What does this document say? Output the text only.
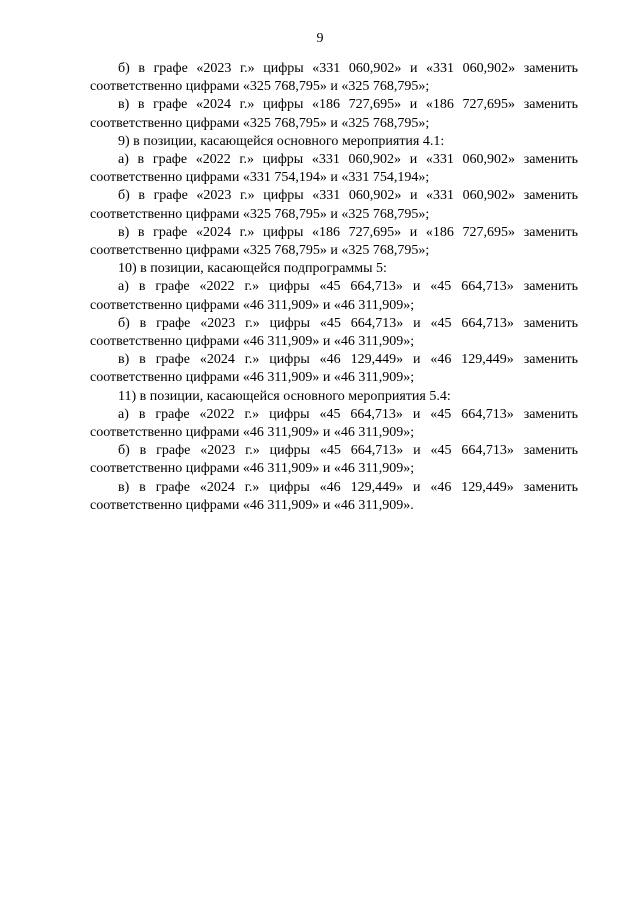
9

б) в графе «2023 г.» цифры «331 060,902» и «331 060,902» заменить соответственно цифрами «325 768,795» и «325 768,795»;

в) в графе «2024 г.» цифры «186 727,695» и «186 727,695» заменить соответственно цифрами «325 768,795» и «325 768,795»;

9) в позиции, касающейся основного мероприятия 4.1:

а) в графе «2022 г.» цифры «331 060,902» и «331 060,902» заменить соответственно цифрами «331 754,194» и «331 754,194»;

б) в графе «2023 г.» цифры «331 060,902» и «331 060,902» заменить соответственно цифрами «325 768,795» и «325 768,795»;

в) в графе «2024 г.» цифры «186 727,695» и «186 727,695» заменить соответственно цифрами «325 768,795» и «325 768,795»;

10) в позиции, касающейся подпрограммы 5:

а) в графе «2022 г.» цифры «45 664,713» и «45 664,713» заменить соответственно цифрами «46 311,909» и «46 311,909»;

б) в графе «2023 г.» цифры «45 664,713» и «45 664,713» заменить соответственно цифрами «46 311,909» и «46 311,909»;

в) в графе «2024 г.» цифры «46 129,449» и «46 129,449» заменить соответственно цифрами «46 311,909» и «46 311,909»;

11) в позиции, касающейся основного мероприятия 5.4:

а) в графе «2022 г.» цифры «45 664,713» и «45 664,713» заменить соответственно цифрами «46 311,909» и «46 311,909»;

б) в графе «2023 г.» цифры «45 664,713» и «45 664,713» заменить соответственно цифрами «46 311,909» и «46 311,909»;

в) в графе «2024 г.» цифры «46 129,449» и «46 129,449» заменить соответственно цифрами «46 311,909» и «46 311,909».
